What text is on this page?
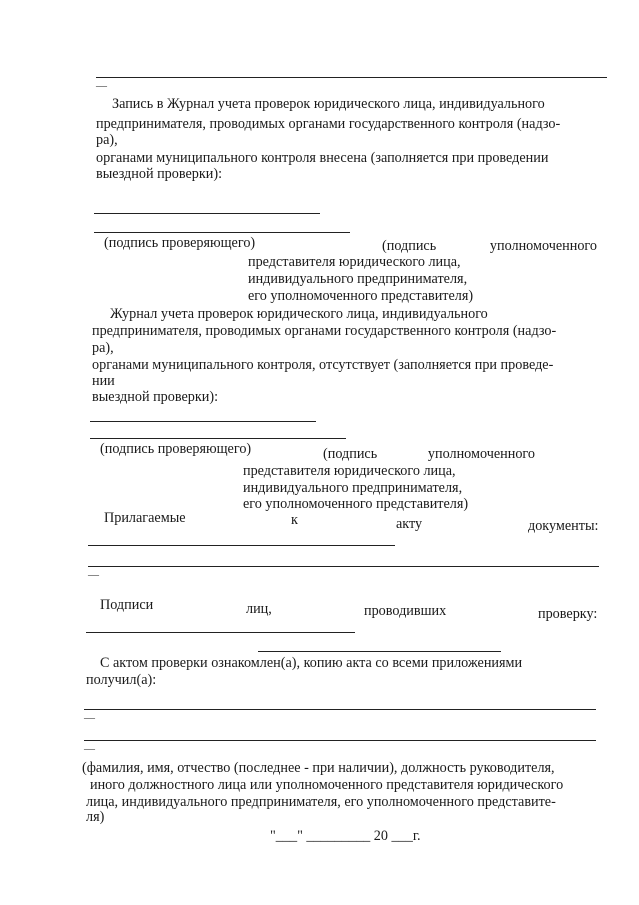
—
Запись в Журнал учета проверок юридического лица, индивидуального
предпринимателя, проводимых органами государственного контроля (надзо-
ра),
органами муниципального контроля внесена (заполняется при проведении
выездной проверки):
(подпись проверяющего)	(подпись	уполномоченного
представителя юридического лица,
индивидуального предпринимателя,
его уполномоченного представителя)
Журнал учета проверок юридического лица, индивидуального
предпринимателя, проводимых органами государственного контроля (надзо-
ра),
органами муниципального контроля, отсутствует (заполняется при проведе-
нии
выездной проверки):
(подпись проверяющего)	(подпись	уполномоченного
представителя юридического лица,
индивидуального предпринимателя,
его уполномоченного представителя)
Прилагаемые	к	акту	документы:
—
Подписи	лиц,	проводивших	проверку:
С актом проверки ознакомлен(а), копию акта со всеми приложениями
получил(а):
—
—
(фамилия, имя, отчество (последнее - при наличии), должность руководителя,
иного должностного лица или уполномоченного представителя юридического
лица, индивидуального предпринимателя, его уполномоченного представите-
ля)
"___" _________ 20 ___г.
